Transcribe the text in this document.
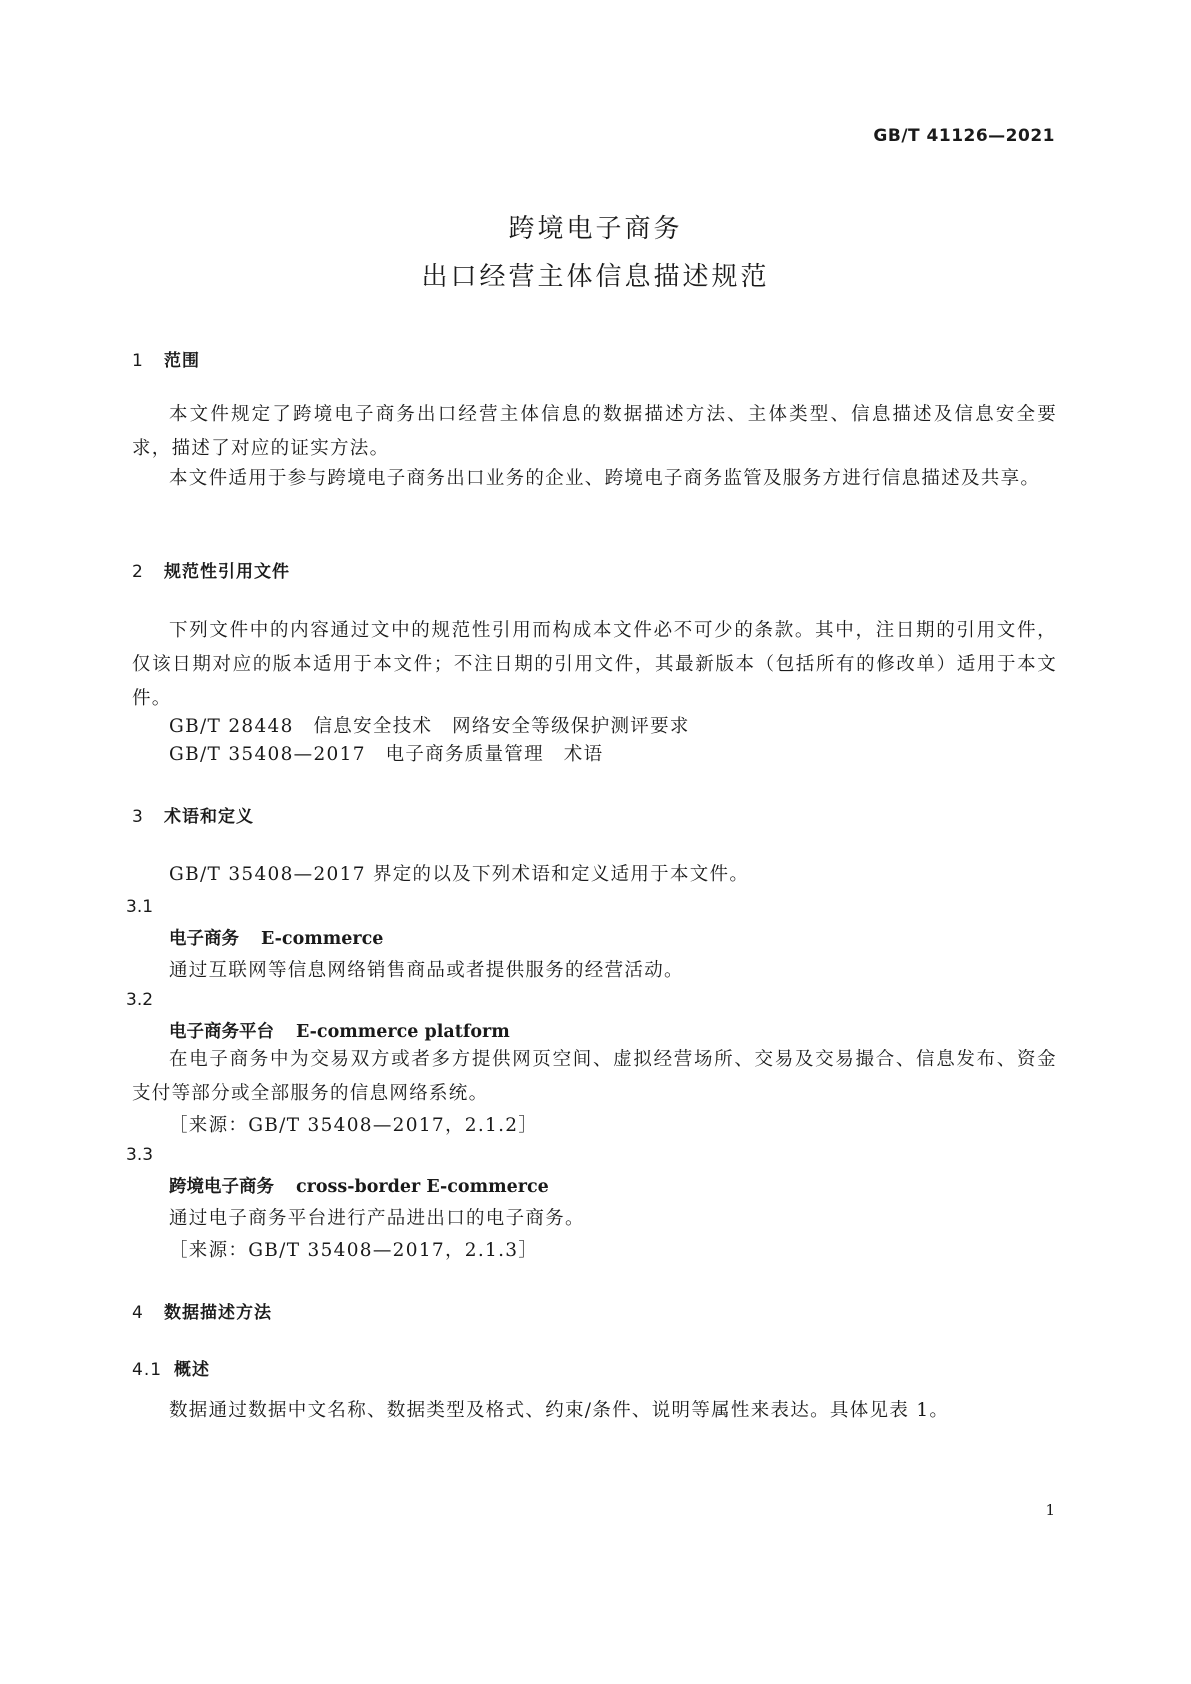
GB/T 41126—2021
跨境电子商务
出口经营主体信息描述规范
1 范围
本文件规定了跨境电子商务出口经营主体信息的数据描述方法、主体类型、信息描述及信息安全要求，描述了对应的证实方法。
本文件适用于参与跨境电子商务出口业务的企业、跨境电子商务监管及服务方进行信息描述及共享。
2 规范性引用文件
下列文件中的内容通过文中的规范性引用而构成本文件必不可少的条款。其中，注日期的引用文件，仅该日期对应的版本适用于本文件；不注日期的引用文件，其最新版本（包括所有的修改单）适用于本文件。
GB/T 28448　 信息安全技术　网络安全等级保护测评要求
GB/T 35408—2017　 电子商务质量管理　术语
3 术语和定义
GB/T 35408—2017 界定的以及下列术语和定义适用于本文件。
3.1
电子商务 E-commerce
通过互联网等信息网络销售商品或者提供服务的经营活动。
3.2
电子商务平台 E-commerce platform
在电子商务中为交易双方或者多方提供网页空间、虚拟经营场所、交易及交易撮合、信息发布、资金支付等部分或全部服务的信息网络系统。
［来源：GB/T 35408—2017，2.1.2］
3.3
跨境电子商务 cross-border E-commerce
通过电子商务平台进行产品进出口的电子商务。
［来源：GB/T 35408—2017，2.1.3］
4 数据描述方法
4.1 概述
数据通过数据中文名称、数据类型及格式、约束/条件、说明等属性来表达。具体见表 1。
1
